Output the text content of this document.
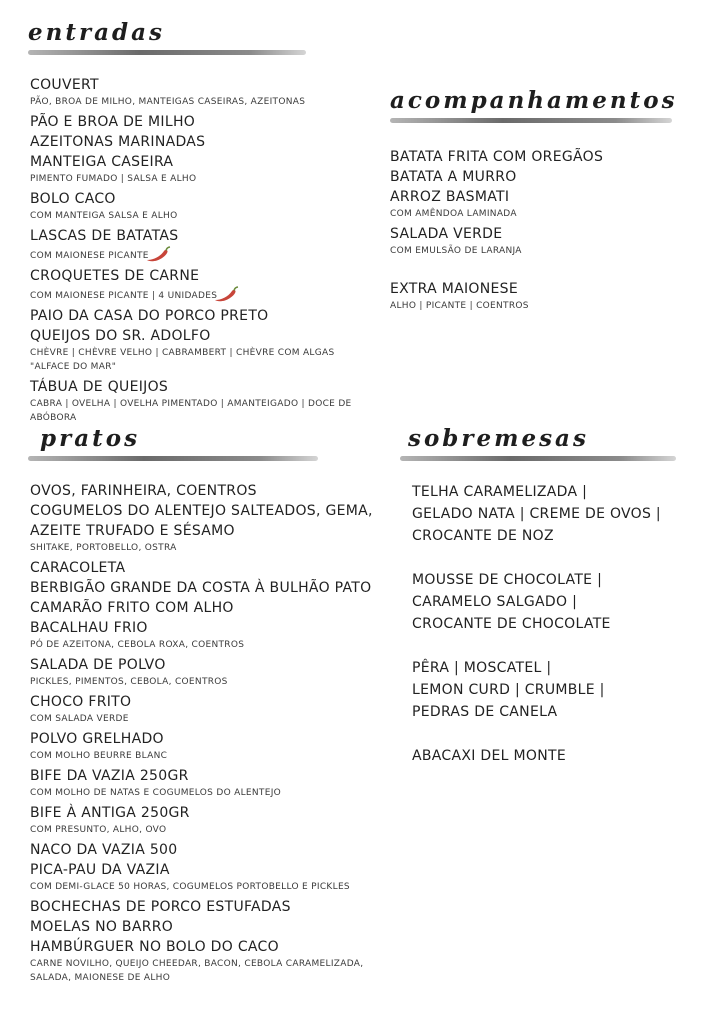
entradas
COUVERT
PÃO, BROA DE MILHO, MANTEIGAS CASEIRAS, AZEITONAS
PÃO E BROA DE MILHO
AZEITONAS MARINADAS
MANTEIGA CASEIRA
PIMENTO FUMADO | SALSA E ALHO
BOLO CACO
COM MANTEIGA SALSA E ALHO
LASCAS DE BATATAS
COM MAIONESE PICANTE
CROQUETES DE CARNE
COM MAIONESE PICANTE | 4 UNIDADES
PAIO DA CASA DO PORCO PRETO
QUEIJOS DO SR. ADOLFO
CHÈVRE | CHÈVRE VELHO | CABRAMBERT | CHÈVRE COM ALGAS "ALFACE DO MAR"
TÁBUA DE QUEIJOS
CABRA | OVELHA | OVELHA PIMENTADO | AMANTEIGADO | DOCE DE ABÓBORA
acompanhamentos
BATATA FRITA COM OREGÃOS
BATATA A MURRO
ARROZ BASMATI
COM AMÊNDOA LAMINADA
SALADA VERDE
COM EMULSÃO DE LARANJA
EXTRA MAIONESE
ALHO | PICANTE | COENTROS
pratos
OVOS, FARINHEIRA, COENTROS
COGUMELOS DO ALENTEJO SALTEADOS, GEMA,
AZEITE TRUFADO E SÉSAMO
SHITAKE, PORTOBELLO, OSTRA
CARACOLETA
BERBIGÃO GRANDE DA COSTA À BULHÃO PATO
CAMARÃO FRITO COM ALHO
BACALHAU FRIO
PÓ DE AZEITONA, CEBOLA ROXA, COENTROS
SALADA DE POLVO
PICKLES, PIMENTOS, CEBOLA, COENTROS
CHOCO FRITO
COM SALADA VERDE
POLVO GRELHADO
COM MOLHO BEURRE BLANC
BIFE DA VAZIA 250GR
COM MOLHO DE NATAS E COGUMELOS DO ALENTEJO
BIFE À ANTIGA 250GR
COM PRESUNTO, ALHO, OVO
NACO DA VAZIA 500
PICA-PAU DA VAZIA
COM DEMI-GLACE 50 HORAS, COGUMELOS PORTOBELLO E PICKLES
BOCHECHAS DE PORCO ESTUFADAS
MOELAS NO BARRO
HAMBÚRGUER NO BOLO DO CACO
CARNE NOVILHO, QUEIJO CHEEDAR, BACON, CEBOLA CARAMELIZADA, SALADA, MAIONESE DE ALHO
sobremesas
TELHA CARAMELIZADA |
GELADO NATA | CREME DE OVOS |
CROCANTE DE NOZ
MOUSSE DE CHOCOLATE |
CARAMELO SALGADO |
CROCANTE DE CHOCOLATE
PÊRA | MOSCATEL |
LEMON CURD | CRUMBLE |
PEDRAS DE CANELA
ABACAXI DEL MONTE
